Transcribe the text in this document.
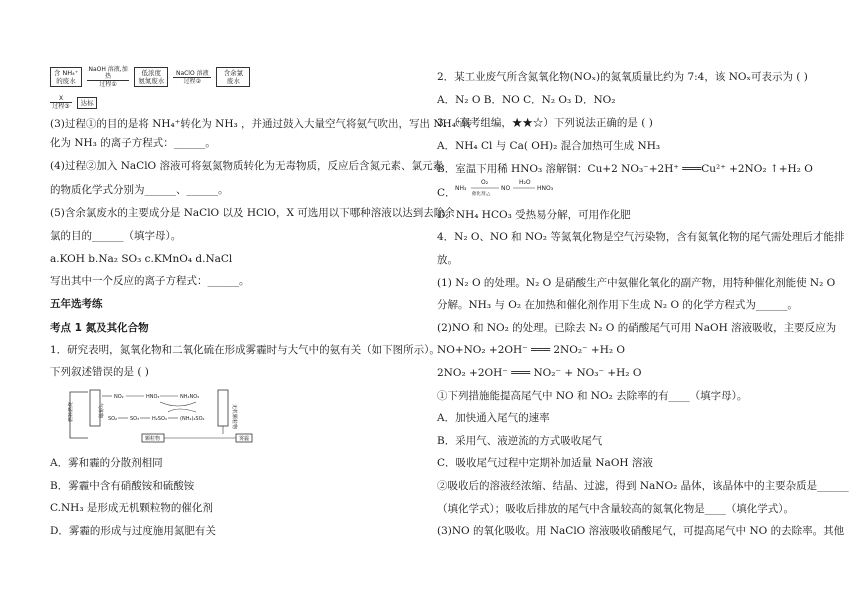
含 NH₄⁺ 的废水
NaOH 溶液,加热
过程①
低浓度 氨氮废水
NaClO 溶液
过程②
含余氯 废水
X
过程③	达标
(3)过程①的目的是将 NH₄⁺转化为 NH₃ ，并通过鼓入大量空气将氨气吹出，写出 NH₄⁺转
化为 NH₃ 的离子方程式：______。
(4)过程②加入 NaClO 溶液可将氨氮物质转化为无毒物质，反应后含氮元素、氯元素
的物质化学式分别为______、______。
(5)含余氯废水的主要成分是 NaClO 以及 HClO，X 可选用以下哪种溶液以达到去除余
氯的目的______（填字母）。
a.KOH b.Na₂ SO₃ c.KMnO₄ d.NaCl
写出其中一个反应的离子方程式：______。
五年选考练
考点 1 氮及其化合物
1．研究表明，氮氧化物和二氧化硫在形成雾霾时与大气中的氨有关（如下图所示）。
下列叙述错误的是 ( )
气体物
燃料燃烧
NO₂	HNO₃	NH₄NO₃
SO₂	SO₃	H₂SO₄	(NH₄)₂SO₄	无机颗粒物
颗粒物	雾霾
A．雾和霾的分散剂相同
B．雾霾中含有硝酸铵和硫酸铵
C.NH₃ 是形成无机颗粒物的催化剂
D．雾霾的形成与过度施用氮肥有关
2．某工业废气所含氮氧化物(NOₓ)的氮氧质量比约为 7:4，该 NOₓ可表示为 ( )
A．N₂ O B．NO C．N₂ O₃ D．NO₂
3．（高考组编，★★☆）下列说法正确的是 ( )
A．NH₄ Cl 与 Ca( OH)₂ 混合加热可生成 NH₃
B．室温下用稀 HNO₃ 溶解铜：Cu+2 NO₃⁻+2H⁺ ═══Cu²⁺ +2NO₂ ↑+H₂ O
C． NH₃
O₂
催化剂,△
NO
H₂O
HNO₃
D．NH₄ HCO₃ 受热易分解，可用作化肥
4．N₂ O、NO 和 NO₂ 等氮氧化物是空气污染物，含有氮氧化物的尾气需处理后才能排
放。
(1) N₂ O 的处理。N₂ O 是硝酸生产中氨催化氧化的副产物，用特种催化剂能使 N₂ O
分解。NH₃ 与 O₂ 在加热和催化剂作用下生成 N₂ O 的化学方程式为______。
(2)NO 和 NO₂ 的处理。已除去 N₂ O 的硝酸尾气可用 NaOH 溶液吸收，主要反应为
NO+NO₂ +2OH⁻ ═══ 2NO₂⁻ +H₂ O
2NO₂ +2OH⁻ ═══ NO₂⁻ + NO₃⁻ +H₂ O
①下列措施能提高尾气中 NO 和 NO₂ 去除率的有____（填字母）。
A．加快通入尾气的速率
B．采用气、液逆流的方式吸收尾气
C．吸收尾气过程中定期补加适量 NaOH 溶液
②吸收后的溶液经浓缩、结晶、过滤，得到 NaNO₂ 晶体，该晶体中的主要杂质是______
（填化学式）；吸收后排放的尾气中含量较高的氮氧化物是____（填化学式）。
(3)NO 的氧化吸收。用 NaClO 溶液吸收硝酸尾气，可提高尾气中 NO 的去除率。其他
